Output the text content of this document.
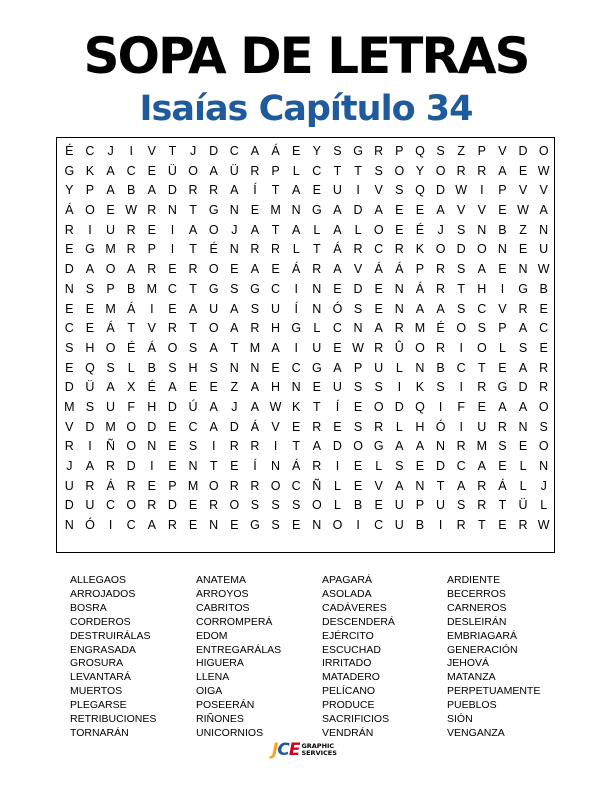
SOPA DE LETRAS
Isaías Capítulo 34
É C	J	I	V	T	J	D C A Á E Y S G R P Q S	Z	P V D O
G K A C E Ü O A Ü R P	L	C T	T	S O Y O R R A E W
Y P A B A D R R A	Í	T	A E U	I	V S Q D W	I	P V V
Á O E W R N T G N E M N G A D A E E A V V E W A
R	I	U R E	I	A O	J	A	T	A	L	A	L O E É	J	S N B	Z N
E G M R P	I	T	É N R R	L	T	Á R C R K O D O N E U
D A O A R E R O E A E Á R A V Á Á P R S A E N W
N S P B M C T G S G C	I	N E D E N Á R T H	I	G B
E E M Á	I	E A U A S U	Í	N Ó S E N A A S C V R E
C E Á	T	V R T O A R H G L	C N A R M É O S P A C
S H O É Á O S A	T M A	I	U E W R Û O R	I	O L	S E
E Q S	L	B S H S N N E C G A P U	L	N B C T	E A R
D Ü A X É A E E	Z	A H N E U S S	I	K S	I	R G D R
M S U F H D Ú A	J	A W K	T	Í	E O D Q	I	F	E A A O
V D M O D E C A D Á V E R E S R	L	H Ó	I	U R N S
R	I	Ñ O N E S	I	R R	I	T	A D O G A A N R M S E O
J	A R D	I	E N T	E	Í	N Á R	I	E	L	S E D C A E	L	N
U R Á R E P M O R R O C Ñ	L	E V A N T	A R Á	L	J
D U C O R D E R O S S S O L	B E U P U S R T Ü	L
N Ó	I	C A R E N E G S E N O	I	C U B	I	R T	E R W
ALLEGAOS
ARROJADOS
BOSRA
CORDEROS
DESTRUIRÁLAS
ENGRASADA
GROSURA
LEVANTARÁ
MUERTOS
PLEGARSE
RETRIBUCIONES
TORNARÁN
ANATEMA
ARROYOS
CABRITOS
CORROMPERÁ
EDOM
ENTREGARÁLAS
HIGUERA
LLENA
OIGA
POSEERÁN
RIÑONES
UNICORNIOS
APAGARÁ
ASOLADA
CADÁVERES
DESCENDERÁ
EJÉRCITO
ESCUCHAD
IRRITADO
MATADERO
PELÍCANO
PRODUCE
SACRIFICIOS
VENDRÁN
ARDIENTE
BECERROS
CARNEROS
DESLEIRÁN
EMBRIAGARÁ
GENERACIÓN
JEHOVÁ
MATANZA
PERPETUAMENTE
PUEBLOS
SIÓN
VENGANZA
JCE GRAPHIC
SERVICES
